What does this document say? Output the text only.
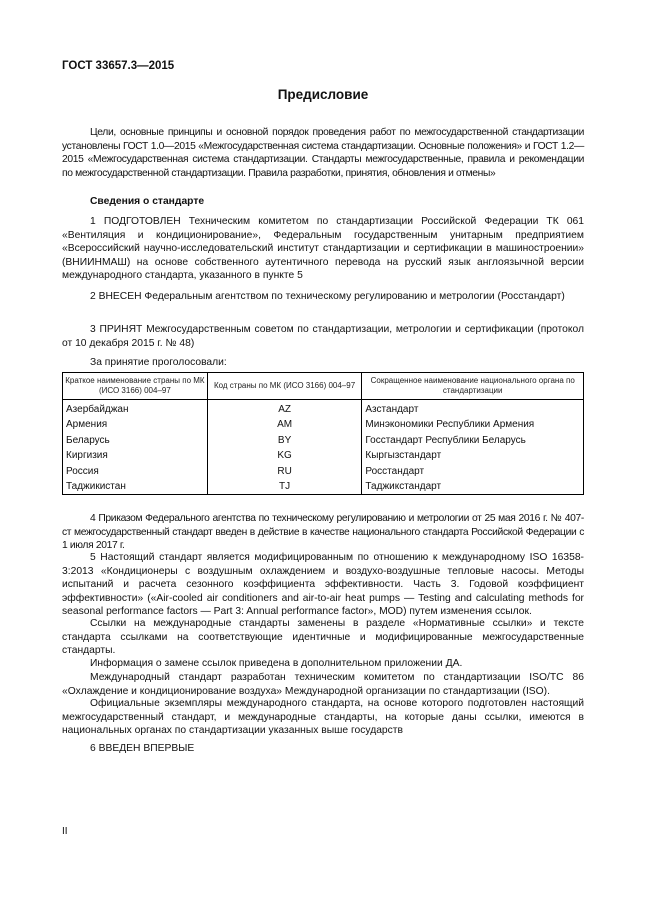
ГОСТ 33657.3—2015
Предисловие
Цели, основные принципы и основной порядок проведения работ по межгосударственной стандартизации установлены ГОСТ 1.0—2015 «Межгосударственная система стандартизации. Основные положения» и ГОСТ 1.2—2015 «Межгосударственная система стандартизации. Стандарты межгосударственные, правила и рекомендации по межгосударственной стандартизации. Правила разработки, принятия, обновления и отмены»
Сведения о стандарте
1 ПОДГОТОВЛЕН Техническим комитетом по стандартизации Российской Федерации ТК 061 «Вентиляция и кондиционирование», Федеральным государственным унитарным предприятием «Всероссийский научно-исследовательский институт стандартизации и сертификации в машиностроении» (ВНИИНМАШ) на основе собственного аутентичного перевода на русский язык англоязычной версии международного стандарта, указанного в пункте 5
2 ВНЕСЕН Федеральным агентством по техническому регулированию и метрологии (Росстандарт)
3 ПРИНЯТ Межгосударственным советом по стандартизации, метрологии и сертификации (протокол от 10 декабря 2015 г. № 48)
За принятие проголосовали:
Краткое наименование страны по МК (ИСО 3166) 004–97	Код страны по МК (ИСО 3166) 004–97	Сокращенное наименование национального органа по стандартизации
Азербайджан	AZ	Азстандарт
Армения	AM	Минэкономики Республики Армения
Беларусь	BY	Госстандарт Республики Беларусь
Киргизия	KG	Кыргызстандарт
Россия	RU	Росстандарт
Таджикистан	TJ	Таджикстандарт
4 Приказом Федерального агентства по техническому регулированию и метрологии от 25 мая 2016 г. № 407-ст межгосударственный стандарт введен в действие в качестве национального стандарта Российской Федерации с 1 июля 2017 г.
5 Настоящий стандарт является модифицированным по отношению к международному ISO 16358-3:2013 «Кондиционеры с воздушным охлаждением и воздухо-воздушные тепловые насосы. Методы испытаний и расчета сезонного коэффициента эффективности. Часть 3. Годовой коэффициент эффективности» («Air-cooled air conditioners and air-to-air heat pumps — Testing and calculating methods for seasonal performance factors — Part 3: Annual performance factor», MOD) путем изменения ссылок.
Ссылки на международные стандарты заменены в разделе «Нормативные ссылки» и тексте стандарта ссылками на соответствующие идентичные и модифицированные межгосударственные стандарты.
Информация о замене ссылок приведена в дополнительном приложении ДА.
Международный стандарт разработан техническим комитетом по стандартизации ISO/TC 86 «Охлаждение и кондиционирование воздуха» Международной организации по стандартизации (ISO).
Официальные экземпляры международного стандарта, на основе которого подготовлен настоящий межгосударственный стандарт, и международные стандарты, на которые даны ссылки, имеются в национальных органах по стандартизации указанных выше государств
6 ВВЕДЕН ВПЕРВЫЕ
II
